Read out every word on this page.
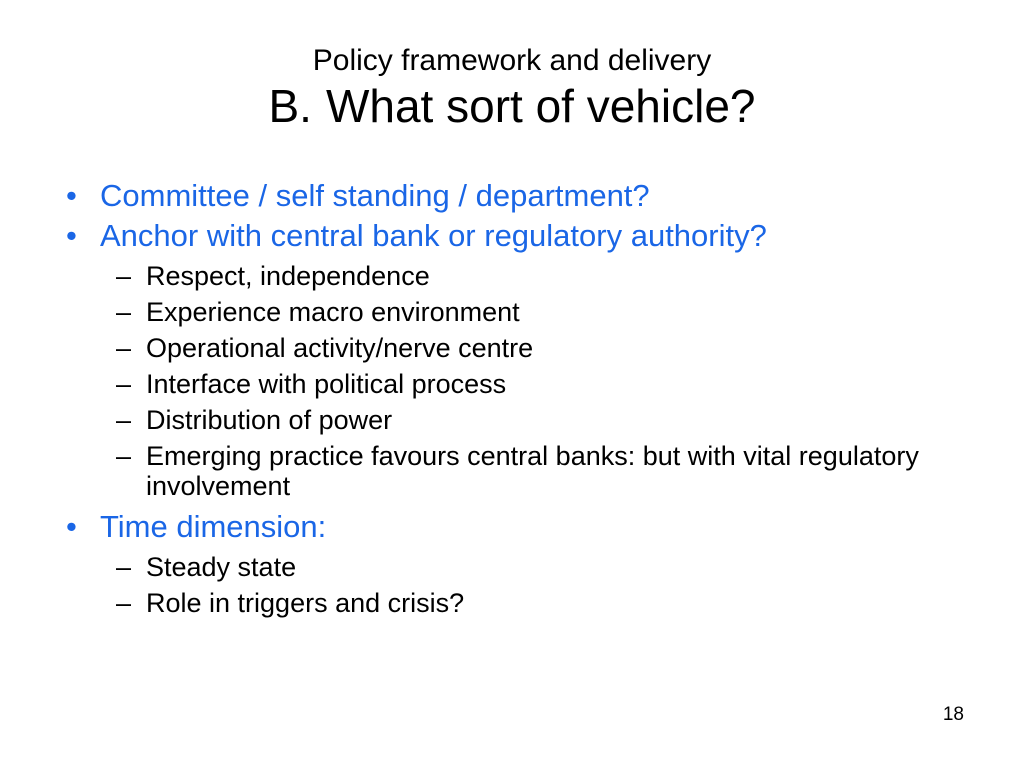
Policy framework and delivery
B. What sort of vehicle?
• Committee / self standing / department?
• Anchor with central bank or regulatory authority?
– Respect, independence
– Experience macro environment
– Operational activity/nerve centre
– Interface with political process
– Distribution of power
– Emerging practice favours central banks: but with vital regulatory involvement
• Time dimension:
– Steady state
– Role in triggers and crisis?
18
